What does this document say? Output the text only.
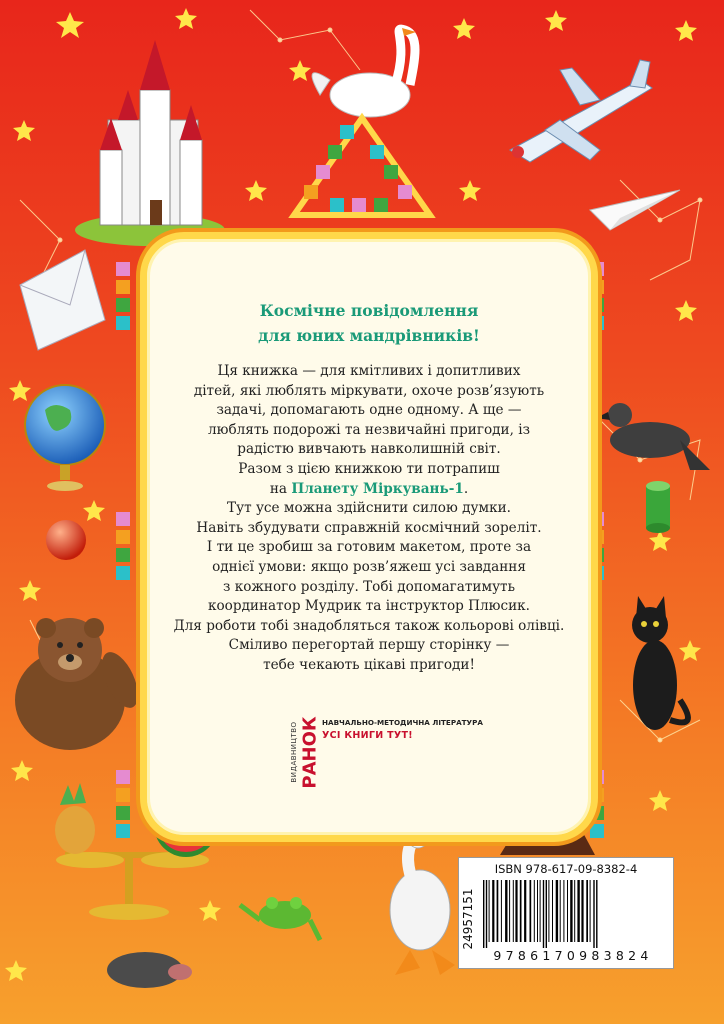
Космічне повідомлення
для юних мандрівників!
Ця книжка — для кмітливих і допитливих
дітей, які люблять міркувати, охоче розв’язують
задачі, допомагають одне одному. А ще —
люблять подорожі та незвичайні пригоди, із
радістю вивчають навколишній світ.
Разом з цією книжкою ти потрапиш
на Планету Міркувань-1.
Тут усе можна здійснити силою думки.
Навіть збудувати справжній космічний зореліт.
І ти це зробиш за готовим макетом, проте за
однієї умови: якщо розв’яжеш усі завдання
з кожного розділу. Тобі допомагатимуть
координатор Мудрик та інструктор Плюсик.
Для роботи тобі знадобляться також кольорові олівці.
Сміливо перегортай першу сторінку —
тебе чекають цікаві пригоди!
ВИДАВНИЦТВО РАНОК НАВЧАЛЬНО-МЕТОДИЧНА ЛІТЕРАТУРА
УСІ КНИГИ ТУТ!
ISBN 978-617-09-8382-4
24957151
9786170983824
